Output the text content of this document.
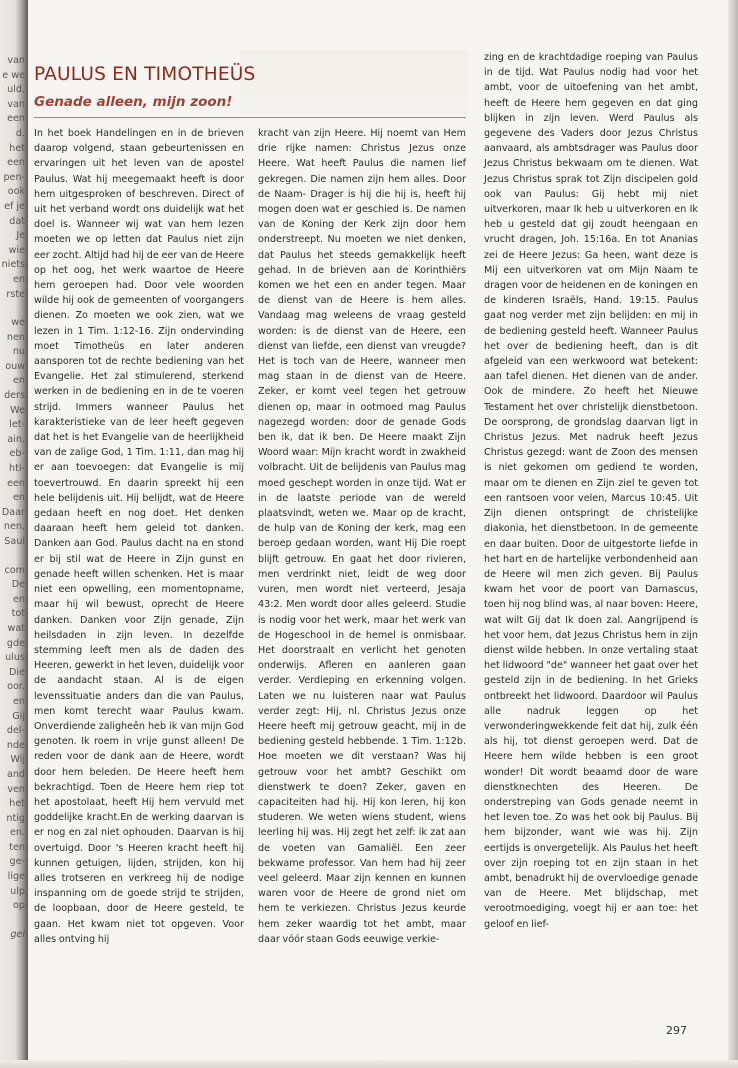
van
e we
uld,
van
een
d.
het
een
pen-
ook
ef je
dat
Je
wie
niets
en
rste
we
nen
nu
ouw
en
ders
We
let-
ain,
eb-
hti-
een
en
Daar
nen,
Saul
com
De
en
tot
wat
gde
ulus
Die
oor.
en
Gij
del-
nde
Wij
and
ven
het
ntig
en.
ten
ge-
lige
ulp
op
gel
PAULUS EN TIMOTHEÜS
Genade alleen, mijn zoon!
In het boek Handelingen en in de brieven daarop volgend, staan gebeurtenissen en ervaringen uit het leven van de apostel Paulus. Wat hij meegemaakt heeft is door hem uitgesproken of beschreven. Direct of uit het verband wordt ons duidelijk wat het doel is. Wanneer wij wat van hem lezen moeten we op letten dat Paulus niet zijn eer zocht. Altijd had hij de eer van de Heere op het oog, het werk waartoe de Heere hem geroepen had. Door vele woorden wilde hij ook de gemeenten of voorgangers dienen. Zo moeten we ook zien, wat we lezen in 1 Tim. 1:12-16. Zijn ondervinding moet Timotheüs en later anderen aansporen tot de rechte bediening van het Evangelie. Het zal stimulerend, sterkend werken in de bediening en in de te voeren strijd. Immers wanneer Paulus het karakteristieke van de leer heeft gegeven dat het is het Evangelie van de heerlijkheid van de zalige God, 1 Tim. 1:11, dan mag hij er aan toevoegen: dat Evangelie is mij toevertrouwd. En daarin spreekt hij een hele belijdenis uit. Hij belijdt, wat de Heere gedaan heeft en nog doet. Het denken daaraan heeft hem geleid tot danken. Danken aan God. Paulus dacht na en stond er bij stil wat de Heere in Zijn gunst en genade heeft willen schenken. Het is maar niet een opwelling, een momentopname, maar hij wil bewust, oprecht de Heere danken. Danken voor Zijn genade, Zijn heilsdaden in zijn leven. In dezelfde stemming leeft men als de daden des Heeren, gewerkt in het leven, duidelijk voor de aandacht staan. Al is de eigen levenssituatie anders dan die van Paulus, men komt terecht waar Paulus kwam. Onverdiende zaligheên heb ik van mijn God genoten. Ik roem in vrije gunst alleen! De reden voor de dank aan de Heere, wordt door hem beleden. De Heere heeft hem bekrachtigd. Toen de Heere hem riep tot het apostolaat, heeft Hij hem vervuld met goddelijke kracht.En de werking daarvan is er nog en zal niet ophouden. Daarvan is hij overtuigd. Door 's Heeren kracht heeft hij kunnen getuigen, lijden, strijden, kon hij alles trotseren en verkreeg hij de nodige inspanning om de goede strijd te strijden, de loopbaan, door de Heere gesteld, te gaan. Het kwam niet tot opgeven. Voor alles ontving hij
kracht van zijn Heere. Hij noemt van Hem drie rijke namen: Christus Jezus onze Heere. Wat heeft Paulus die namen lief gekregen. Die namen zijn hem alles. Door de Naam- Drager is hij die hij is, heeft hij mogen doen wat er geschied is. De namen van de Koning der Kerk zijn door hem onderstreept. Nu moeten we niet denken, dat Paulus het steeds gemakkelijk heeft gehad. In de brieven aan de Korinthiërs komen we het een en ander tegen. Maar de dienst van de Heere is hem alles. Vandaag mag weleens de vraag gesteld worden: is de dienst van de Heere, een dienst van liefde, een dienst van vreugde? Het is toch van de Heere, wanneer men mag staan in de dienst van de Heere. Zeker, er komt veel tegen het getrouw dienen op, maar in ootmoed mag Paulus nagezegd worden: door de genade Gods ben ik, dat ik ben. De Heere maakt Zijn Woord waar: Mijn kracht wordt in zwakheid volbracht. Uit de belijdenis van Paulus mag moed geschept worden in onze tijd. Wat er in de laatste periode van de wereld plaatsvindt, weten we. Maar op de kracht, de hulp van de Koning der kerk, mag een beroep gedaan worden, want Hij Die roept blijft getrouw. En gaat het door rivieren, men verdrinkt niet, leidt de weg door vuren, men wordt niet verteerd, Jesaja 43:2. Men wordt door alles geleerd. Studie is nodig voor het werk, maar het werk van de Hogeschool in de hemel is onmisbaar. Het doorstraalt en verlicht het genoten onderwijs. Afleren en aanleren gaan verder. Verdieping en erkenning volgen. Laten we nu luisteren naar wat Paulus verder zegt: Hij, nl. Christus Jezus onze Heere heeft mij getrouw geacht, mij in de bediening gesteld hebbende. 1 Tim. 1:12b. Hoe moeten we dit verstaan? Was hij getrouw voor het ambt? Geschikt om dienstwerk te doen? Zeker, gaven en capaciteiten had hij. Hij kon leren, hij kon studeren. We weten wiens student, wiens leerling hij was. Hij zegt het zelf: ik zat aan de voeten van Gamaliël. Een zeer bekwame professor. Van hem had hij zeer veel geleerd. Maar zijn kennen en kunnen waren voor de Heere de grond niet om hem te verkiezen. Christus Jezus keurde hem zeker waardig tot het ambt, maar daar vóór staan Gods eeuwige verkie-
zing en de krachtdadige roeping van Paulus in de tijd. Wat Paulus nodig had voor het ambt, voor de uitoefening van het ambt, heeft de Heere hem gegeven en dat ging blijken in zijn leven. Werd Paulus als gegevene des Vaders door Jezus Christus aanvaard, als ambtsdrager was Paulus door Jezus Christus bekwaam om te dienen. Wat Jezus Christus sprak tot Zijn discipelen gold ook van Paulus: Gij hebt mij niet uitverkoren, maar Ik heb u uitverkoren en Ik heb u gesteld dat gij zoudt heengaan en vrucht dragen, Joh. 15:16a. En tot Ananias zei de Heere Jezus: Ga heen, want deze is Mij een uitverkoren vat om Mijn Naam te dragen voor de heidenen en de koningen en de kinderen Israëls, Hand. 19:15. Paulus gaat nog verder met zijn belijden: en mij in de bediening gesteld heeft. Wanneer Paulus het over de bediening heeft, dan is dit afgeleid van een werkwoord wat betekent: aan tafel dienen. Het dienen van de ander. Ook de mindere. Zo heeft het Nieuwe Testament het over christelijk dienstbetoon. De oorsprong, de grondslag daarvan ligt in Christus Jezus. Met nadruk heeft Jezus Christus gezegd: want de Zoon des mensen is niet gekomen om gediend te worden, maar om te dienen en Zijn ziel te geven tot een rantsoen voor velen, Marcus 10:45. Uit Zijn dienen ontspringt de christelijke diakonia, het dienstbetoon. In de gemeente en daar buiten. Door de uitgestorte liefde in het hart en de hartelijke verbondenheid aan de Heere wil men zich geven. Bij Paulus kwam het voor de poort van Damascus, toen hij nog blind was, al naar boven: Heere, wat wilt Gij dat Ik doen zal. Aangrijpend is het voor hem, dat Jezus Christus hem in zijn dienst wilde hebben. In onze vertaling staat het lidwoord "de" wanneer het gaat over het gesteld zijn in de bediening. In het Grieks ontbreekt het lidwoord. Daardoor wil Paulus alle nadruk leggen op het verwonderingwekkende feit dat hij, zulk één als hij, tot dienst geroepen werd. Dat de Heere hem wilde hebben is een groot wonder! Dit wordt beaamd door de ware dienstknechten des Heeren. De onderstreping van Gods genade neemt in het leven toe. Zo was het ook bij Paulus. Bij hem bijzonder, want wie was hij. Zijn eertijds is onvergetelijk. Als Paulus het heeft over zijn roeping tot en zijn staan in het ambt, benadrukt hij de overvloedige genade van de Heere. Met blijdschap, met verootmoediging, voegt hij er aan toe: het geloof en lief-
297
